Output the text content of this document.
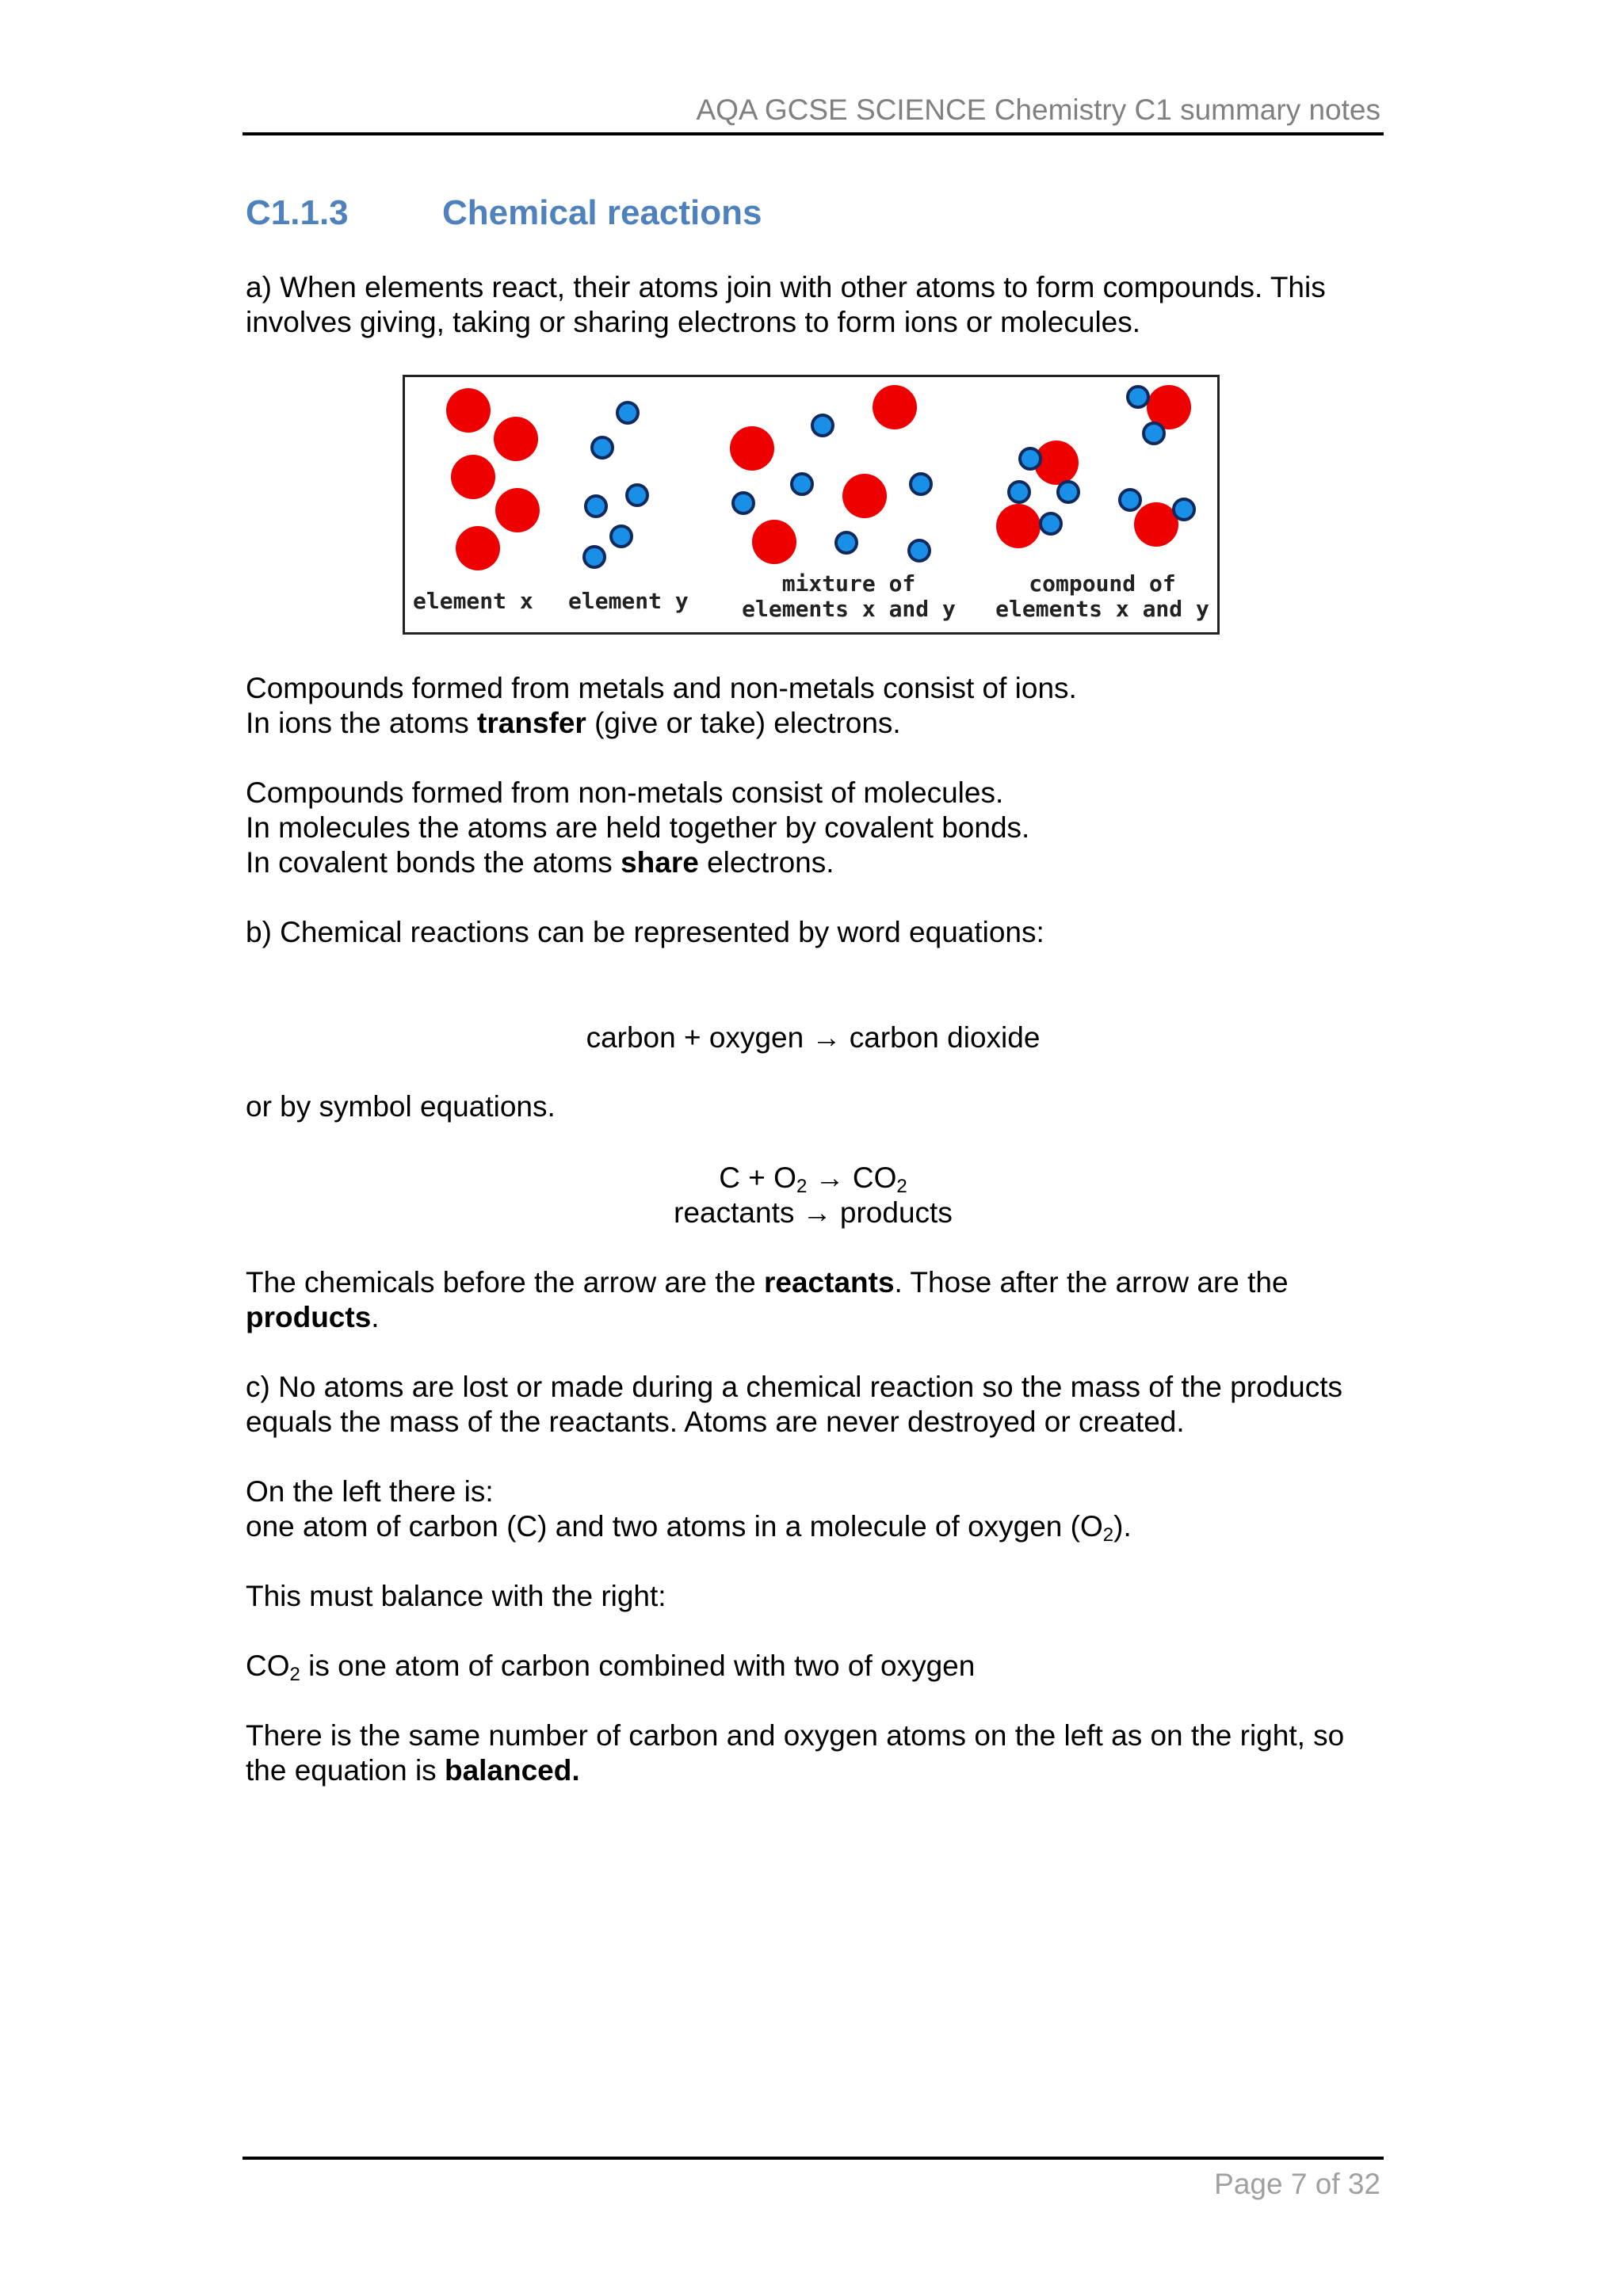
AQA GCSE SCIENCE Chemistry C1 summary notes
C1.1.3	Chemical reactions
a) When elements react, their atoms join with other atoms to form compounds. This
involves giving, taking or sharing electrons to form ions or molecules.
element x element y
mixture of
elements x and y
compound of
elements x and y
Compounds formed from metals and non-metals consist of ions.
In ions the atoms transfer (give or take) electrons.
Compounds formed from non-metals consist of molecules.
In molecules the atoms are held together by covalent bonds.
In covalent bonds the atoms share electrons.
b) Chemical reactions can be represented by word equations:
carbon + oxygen → carbon dioxide
or by symbol equations.
$C + O_2 \to CO_2$
reactants → products
The chemicals before the arrow are the reactants. Those after the arrow are the
products.
c) No atoms are lost or made during a chemical reaction so the mass of the products
equals the mass of the reactants. Atoms are never destroyed or created.
On the left there is:
one atom of carbon (C) and two atoms in a molecule of oxygen $(O_2)$.
This must balance with the right:
$CO_2$ is one atom of carbon combined with two of oxygen
There is the same number of carbon and oxygen atoms on the left as on the right, so
the equation is balanced.
Page 7 of 32
